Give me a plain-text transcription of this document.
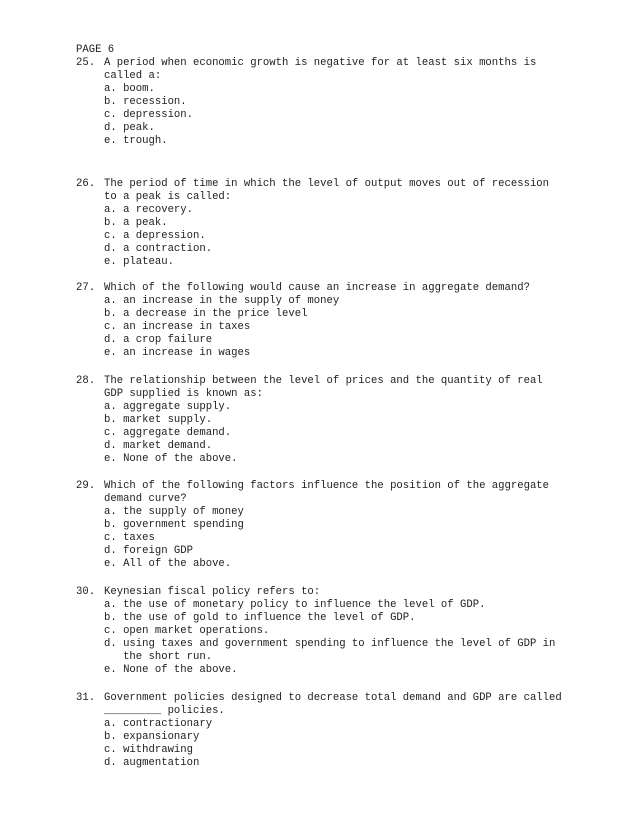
PAGE 6
25. A period when economic growth is negative for at least six months is
called a:
a. boom.
b. recession.
c. depression.
d. peak.
e. trough.
26. The period of time in which the level of output moves out of recession
to a peak is called:
a. a recovery.
b. a peak.
c. a depression.
d. a contraction.
e. plateau.
27. Which of the following would cause an increase in aggregate demand?
a. an increase in the supply of money
b. a decrease in the price level
c. an increase in taxes
d. a crop failure
e. an increase in wages
28. The relationship between the level of prices and the quantity of real
GDP supplied is known as:
a. aggregate supply.
b. market supply.
c. aggregate demand.
d. market demand.
e. None of the above.
29. Which of the following factors influence the position of the aggregate
demand curve?
a. the supply of money
b. government spending
c. taxes
d. foreign GDP
e. All of the above.
30. Keynesian fiscal policy refers to:
a. the use of monetary policy to influence the level of GDP.
b. the use of gold to influence the level of GDP.
c. open market operations.
d. using taxes and government spending to influence the level of GDP in
the short run.
e. None of the above.
31. Government policies designed to decrease total demand and GDP are called
_________ policies.
a. contractionary
b. expansionary
c. withdrawing
d. augmentation
